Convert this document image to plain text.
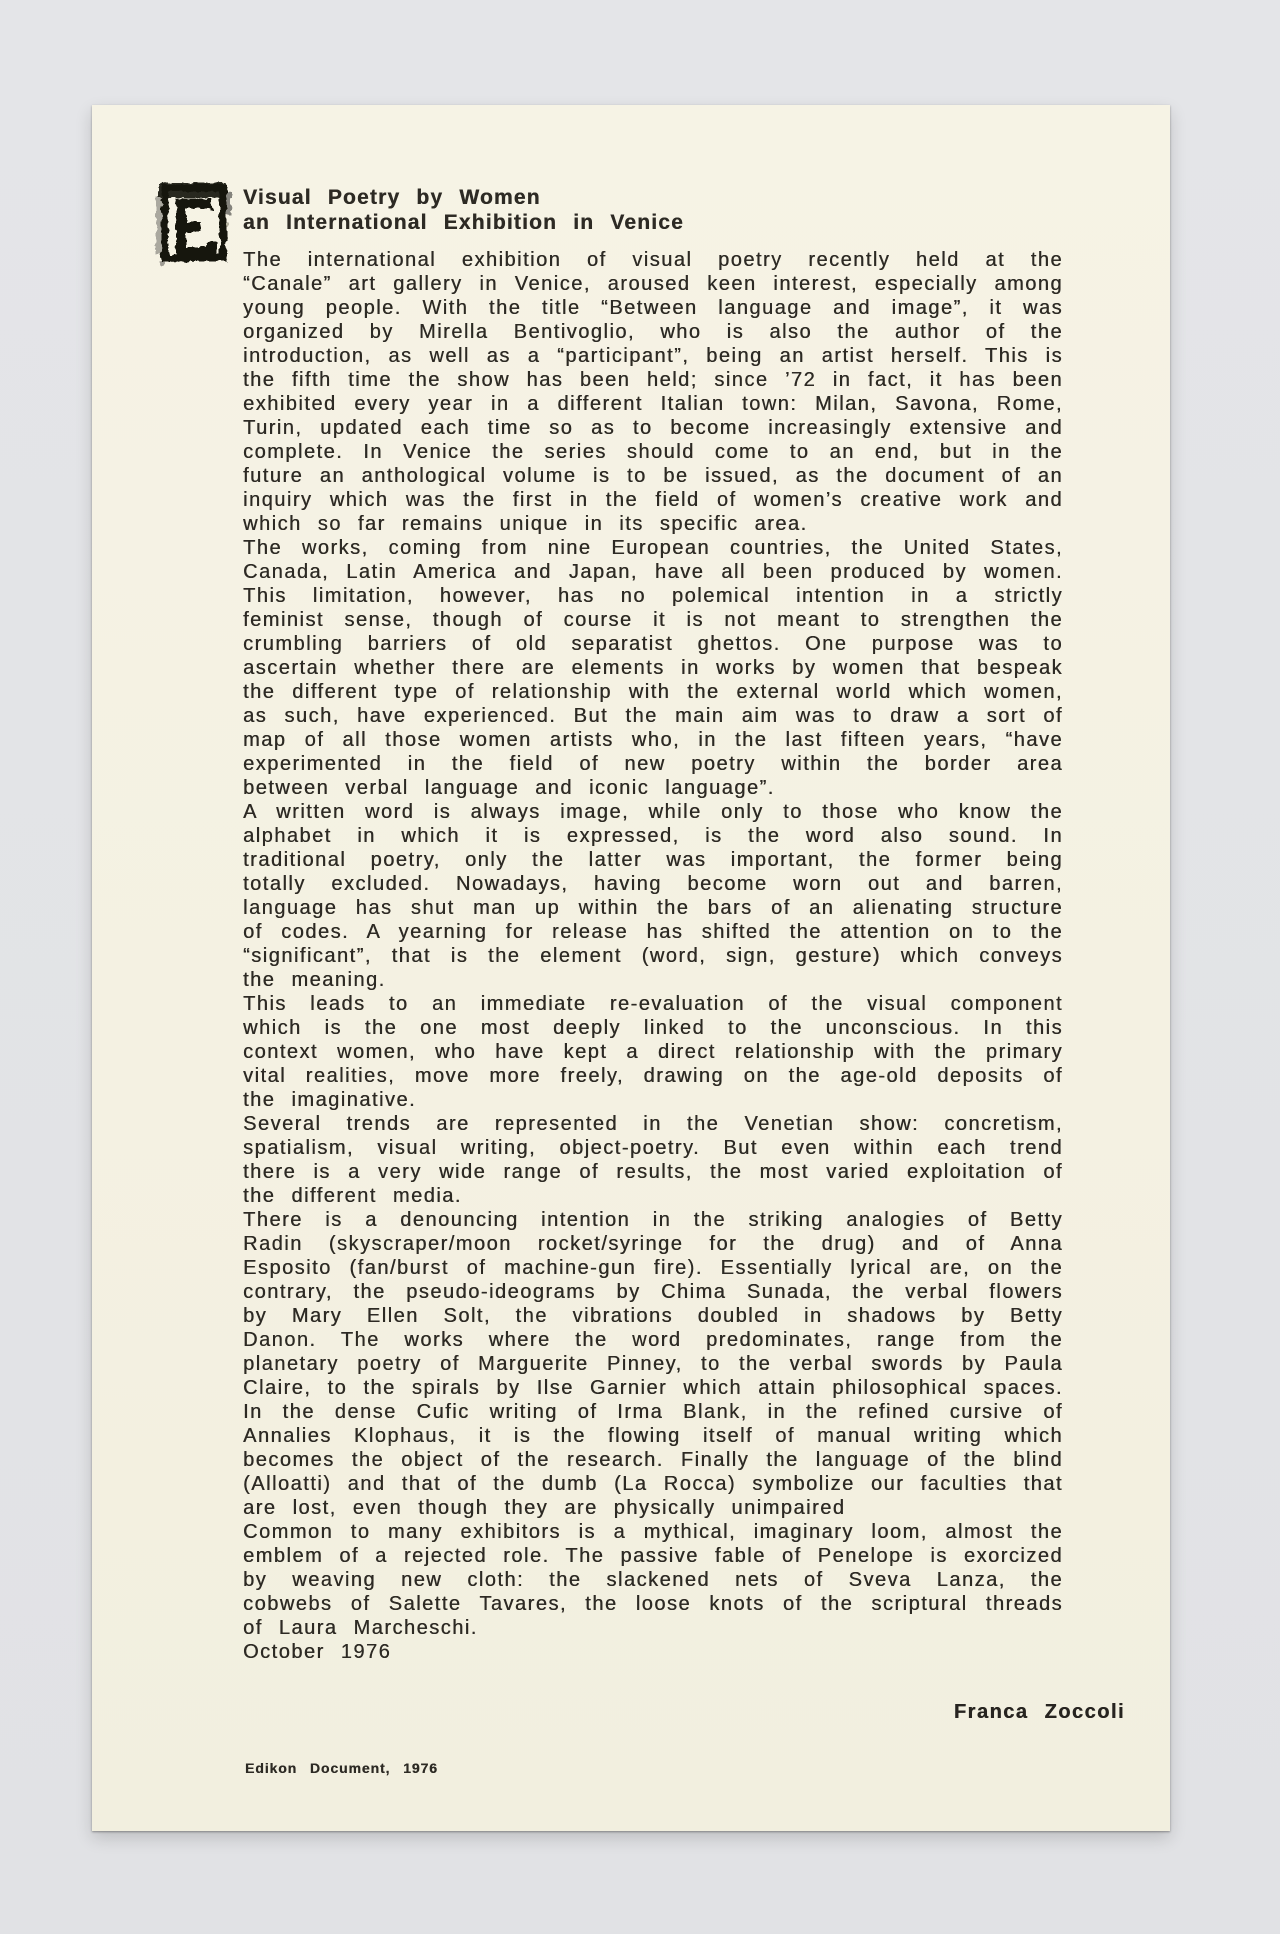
Visual Poetry by Women
an International Exhibition in Venice

The international exhibition of visual poetry recently held at the “Canale” art gallery in Venice, aroused keen interest, especially among young people. With the title “Between language and image”, it was organized by Mirella Bentivoglio, who is also the author of the introduction, as well as a “participant”, being an artist herself. This is the fifth time the show has been held; since ’72 in fact, it has been exhibited every year in a different Italian town: Milan, Savona, Rome, Turin, updated each time so as to become increasingly extensive and complete. In Venice the series should come to an end, but in the future an anthological volume is to be issued, as the document of an inquiry which was the first in the field of women’s creative work and which so far remains unique in its specific area.

The works, coming from nine European countries, the United States, Canada, Latin America and Japan, have all been produced by women. This limitation, however, has no polemical intention in a strictly feminist sense, though of course it is not meant to strengthen the crumbling barriers of old separatist ghettos. One purpose was to ascertain whether there are elements in works by women that bespeak the different type of relationship with the external world which women, as such, have experienced. But the main aim was to draw a sort of map of all those women artists who, in the last fifteen years, “have experimented in the field of new poetry within the border area between verbal language and iconic language”.

A written word is always image, while only to those who know the alphabet in which it is expressed, is the word also sound. In traditional poetry, only the latter was important, the former being totally excluded. Nowadays, having become worn out and barren, language has shut man up within the bars of an alienating structure of codes. A yearning for release has shifted the attention on to the “significant”, that is the element (word, sign, gesture) which conveys the meaning.

This leads to an immediate re-evaluation of the visual component which is the one most deeply linked to the unconscious. In this context women, who have kept a direct relationship with the primary vital realities, move more freely, drawing on the age-old deposits of the imaginative.

Several trends are represented in the Venetian show: concretism, spatialism, visual writing, object-poetry. But even within each trend there is a very wide range of results, the most varied exploitation of the different media.

There is a denouncing intention in the striking analogies of Betty Radin (skyscraper/moon rocket/syringe for the drug) and of Anna Esposito (fan/burst of machine-gun fire). Essentially lyrical are, on the contrary, the pseudo-ideograms by Chima Sunada, the verbal flowers by Mary Ellen Solt, the vibrations doubled in shadows by Betty Danon. The works where the word predominates, range from the planetary poetry of Marguerite Pinney, to the verbal swords by Paula Claire, to the spirals by Ilse Garnier which attain philosophical spaces. In the dense Cufic writing of Irma Blank, in the refined cursive of Annalies Klophaus, it is the flowing itself of manual writing which becomes the object of the research. Finally the language of the blind (Alloatti) and that of the dumb (La Rocca) symbolize our faculties that are lost, even though they are physically unimpaired

Common to many exhibitors is a mythical, imaginary loom, almost the emblem of a rejected role. The passive fable of Penelope is exorcized by weaving new cloth: the slackened nets of Sveva Lanza, the cobwebs of Salette Tavares, the loose knots of the scriptural threads of Laura Marcheschi.

October 1976

Franca Zoccoli
Edikon Document, 1976
